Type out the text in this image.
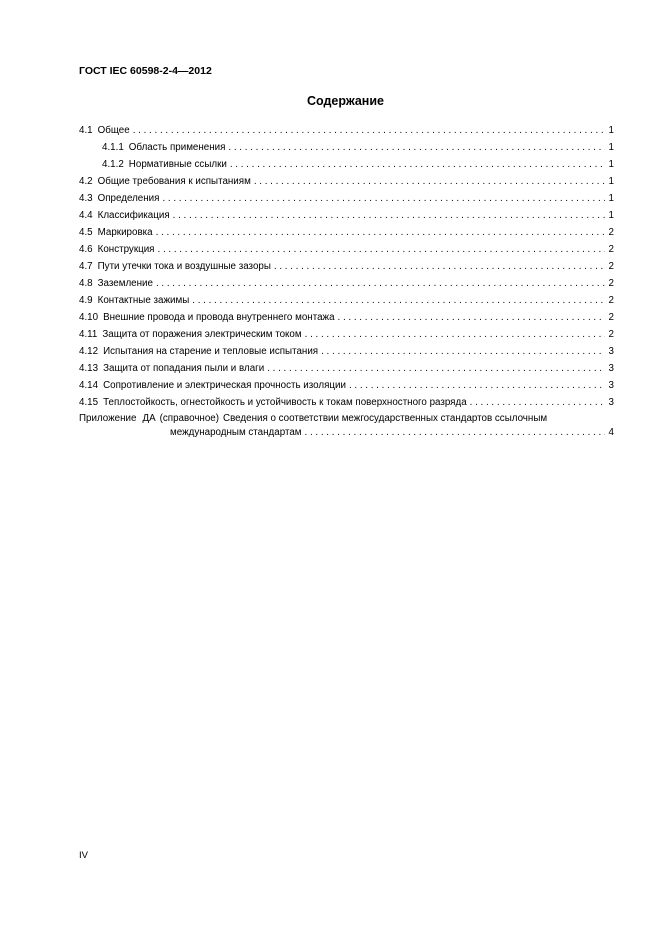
ГОСТ IEC 60598-2-4—2012
Содержание
4.1 Общее . . .	1
4.1.1 Область применения . . .	1
4.1.2 Нормативные ссылки . . .	1
4.2 Общие требования к испытаниям . . .	1
4.3 Определения . . .	1
4.4 Классификация . . .	1
4.5 Маркировка . . .	2
4.6 Конструкция . . .	2
4.7 Пути утечки тока и воздушные зазоры . . .	2
4.8 Заземление . . .	2
4.9 Контактные зажимы . . .	2
4.10 Внешние провода и провода внутреннего монтажа . . .	2
4.11 Защита от поражения электрическим током . . .	2
4.12 Испытания на старение и тепловые испытания . . .	3
4.13 Защита от попадания пыли и влаги . . .	3
4.14 Сопротивление и электрическая прочность изоляции . . .	3
4.15 Теплостойкость, огнестойкость и устойчивость к токам поверхностного разряда . . .	3
Приложение ДА (справочное) Сведения о соответствии межгосударственных стандартов ссылочным
международным стандартам . . .	4
IV
